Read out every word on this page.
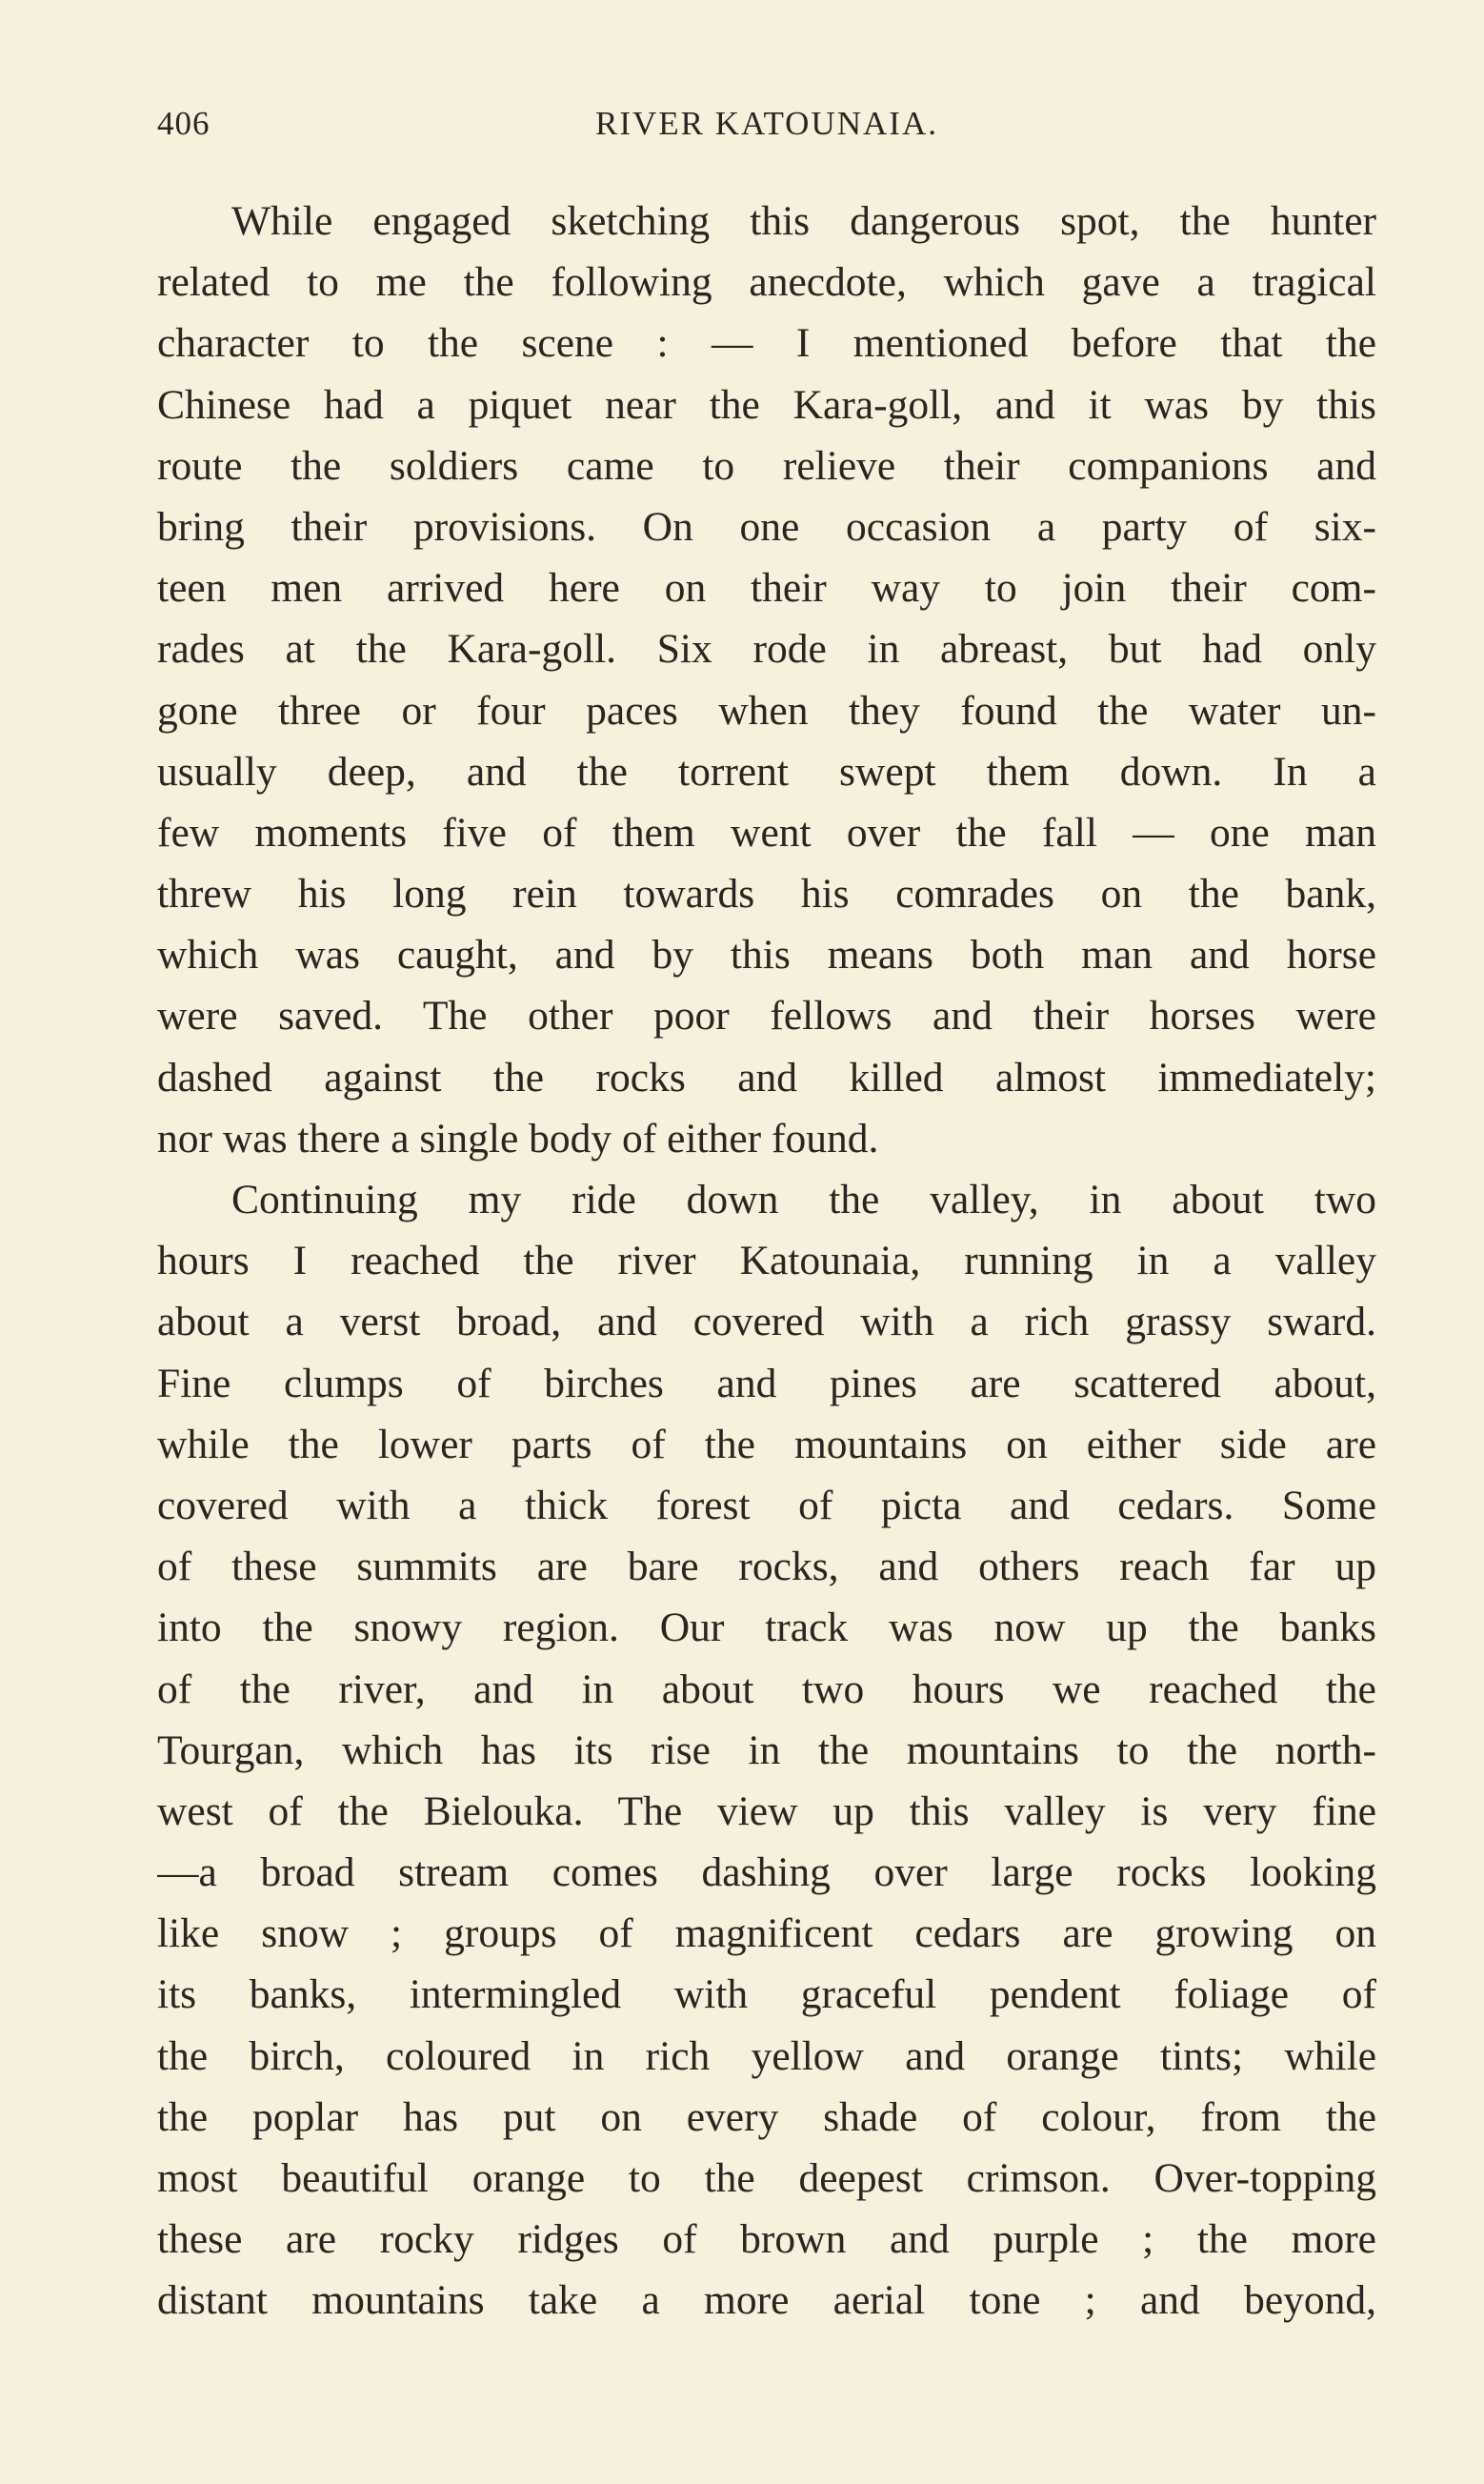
406	RIVER KATOUNAIA.
While engaged sketching this dangerous spot, the hunter
related to me the following anecdote, which gave a tragical
character to the scene : — I mentioned before that the
Chinese had a piquet near the Kara-goll, and it was by this
route the soldiers came to relieve their companions and
bring their provisions. On one occasion a party of six-
teen men arrived here on their way to join their com-
rades at the Kara-goll. Six rode in abreast, but had only
gone three or four paces when they found the water un-
usually deep, and the torrent swept them down. In a
few moments five of them went over the fall — one man
threw his long rein towards his comrades on the bank,
which was caught, and by this means both man and horse
were saved. The other poor fellows and their horses were
dashed against the rocks and killed almost immediately;
nor was there a single body of either found.
Continuing my ride down the valley, in about two
hours I reached the river Katounaia, running in a valley
about a verst broad, and covered with a rich grassy sward.
Fine clumps of birches and pines are scattered about,
while the lower parts of the mountains on either side are
covered with a thick forest of picta and cedars. Some
of these summits are bare rocks, and others reach far up
into the snowy region. Our track was now up the banks
of the river, and in about two hours we reached the
Tourgan, which has its rise in the mountains to the north-
west of the Bielouka. The view up this valley is very fine
—a broad stream comes dashing over large rocks looking
like snow ; groups of magnificent cedars are growing on
its banks, intermingled with graceful pendent foliage of
the birch, coloured in rich yellow and orange tints; while
the poplar has put on every shade of colour, from the
most beautiful orange to the deepest crimson. Over-topping
these are rocky ridges of brown and purple ; the more
distant mountains take a more aerial tone ; and beyond,
